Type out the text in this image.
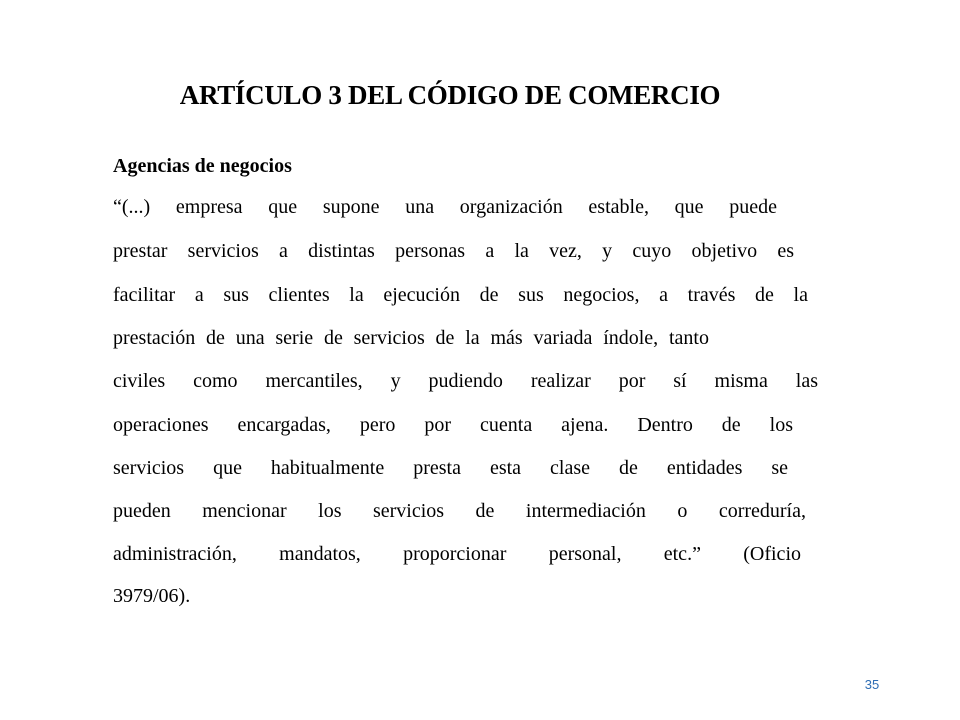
ARTÍCULO 3 DEL CÓDIGO DE COMERCIO
Agencias de negocios
“(...) empresa que supone una organización estable, que puede
prestar servicios a distintas personas a la vez, y cuyo objetivo es
facilitar a sus clientes la ejecución de sus negocios, a través de la
prestación de una serie de servicios de la más variada índole, tanto
civiles como mercantiles, y pudiendo realizar por sí misma las
operaciones encargadas, pero por cuenta ajena. Dentro de los
servicios que habitualmente presta esta clase de entidades se
pueden mencionar los servicios de intermediación o correduría,
administración, mandatos, proporcionar personal, etc.” (Oficio
3979/06).
35
